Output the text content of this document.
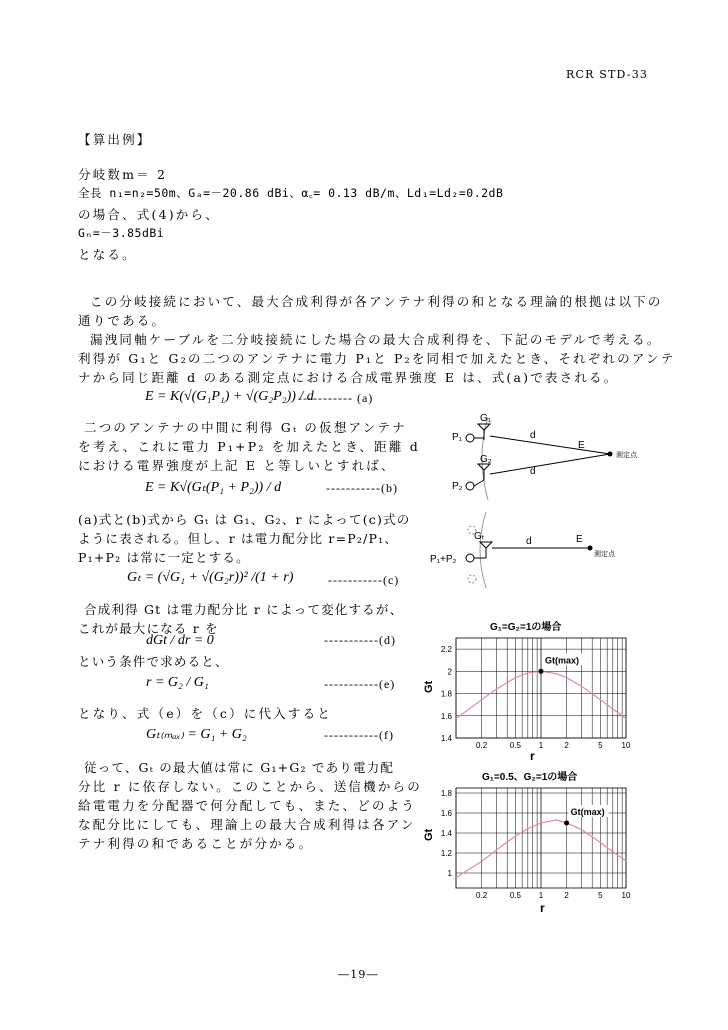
RCR STD-33
【算出例】
分岐数m＝ 2
全長 n₁=n₂=50m、Gₐ=－20.86 dBi、α꜀= 0.13 dB/m、Ld₁=Ld₂=0.2dB
の場合、式(4)から、
Gₙ=－3.85dBi
となる。
この分岐接続において、最大合成利得が各アンテナ利得の和となる理論的根拠は以下の
通りである。
漏洩同軸ケーブルを二分岐接続にした場合の最大合成利得を、下記のモデルで考える。
利得が G₁と G₂の二つのアンテナに電力 P₁と P₂を同相で加えたとき、それぞれのアンテ
ナから同じ距離 d のある測定点における合成電界強度 E は、式(a)で表される。
E = K(√(G₁P₁) + √(G₂P₂)) / d
----------- (a)
二つのアンテナの中間に利得 Gₜ の仮想アンテナ
を考え、これに電力 P₁+P₂ を加えたとき、距離 d
における電界強度が上記 E と等しいとすれば、
E = K√(Gₜ(P₁ + P₂)) / d	-----------(b)
(a)式と(b)式から Gₜ は G₁、G₂、r によって(c)式の
ように表される。但し、r は電力配分比 r=P₂/P₁、
P₁+P₂ は常に一定とする。
Gₜ = (√G₁ + √(G₂r))² /(1 + r)	-----------(c)
合成利得 Gt は電力配分比 r によって変化するが、
これが最大になる r を
dGt / dr = 0	-----------(d)
という条件で求めると、
r = G₂ / G₁	-----------(e)
となり、式（e）を（c）に代入すると
Gₜ₍ₘₐₓ₎ = G₁ + G₂	-----------(f)
従って、Gₜ の最大値は常に G₁+G₂ であり電力配
分比 r に依存しない。このことから、送信機からの
給電電力を分配器で何分配しても、また、どのよう
な配分比にしても、理論上の最大合成利得は各アン
テナ利得の和であることが分かる。
G₁
G₂
P₁
P₂
d
d
E
測定点
Gₜ
P₁+P₂
d	E
測定点
G₁=G₂=1の場合
1.4
1.6
1.8
2
2.2
0.2	0.5 1	2	5 10
Gt(max)
r
Gt
G₁=0.5、G₂=1の場合
1
1.2
1.4
1.6
1.8
0.2	0.5 1	2	5 10
Gt(max)
r
Gt
―19―
